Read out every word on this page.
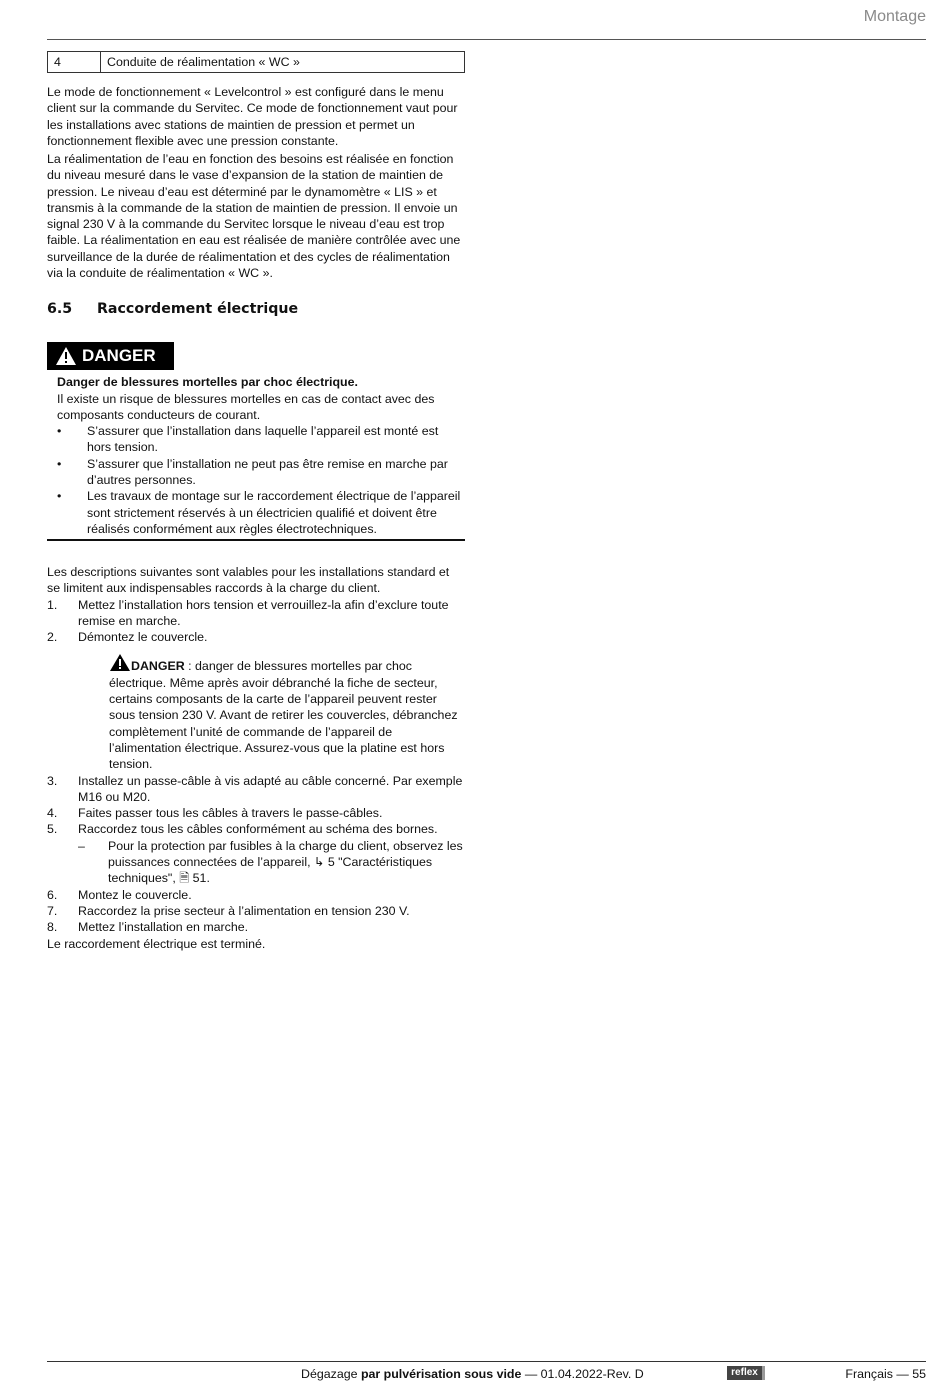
Montage
4	Conduite de réalimentation « WC »
Le mode de fonctionnement « Levelcontrol » est configuré dans le menu client sur la commande du Servitec. Ce mode de fonctionnement vaut pour les installations avec stations de maintien de pression et permet un fonctionnement flexible avec une pression constante.
La réalimentation de l’eau en fonction des besoins est réalisée en fonction du niveau mesuré dans le vase d’expansion de la station de maintien de pression. Le niveau d’eau est déterminé par le dynamomètre « LIS » et transmis à la commande de la station de maintien de pression. Il envoie un signal 230 V à la commande du Servitec lorsque le niveau d’eau est trop faible. La réalimentation en eau est réalisée de manière contrôlée avec une surveillance de la durée de réalimentation et des cycles de réalimentation via la conduite de réalimentation « WC ».
6.5 Raccordement électrique
DANGER
Danger de blessures mortelles par choc électrique.
Il existe un risque de blessures mortelles en cas de contact avec des composants conducteurs de courant.
• S’assurer que l’installation dans laquelle l’appareil est monté est hors tension.
• S’assurer que l’installation ne peut pas être remise en marche par d’autres personnes.
• Les travaux de montage sur le raccordement électrique de l’appareil sont strictement réservés à un électricien qualifié et doivent être réalisés conformément aux règles électrotechniques.
Les descriptions suivantes sont valables pour les installations standard et se limitent aux indispensables raccords à la charge du client.
1. Mettez l’installation hors tension et verrouillez-la afin d’exclure toute remise en marche.
2. Démontez le couvercle.
DANGER : danger de blessures mortelles par choc électrique. Même après avoir débranché la fiche de secteur, certains composants de la carte de l’appareil peuvent rester sous tension 230 V. Avant de retirer les couvercles, débranchez complètement l’unité de commande de l’appareil de l’alimentation électrique. Assurez-vous que la platine est hors tension.
3. Installez un passe-câble à vis adapté au câble concerné. Par exemple M16 ou M20.
4. Faites passer tous les câbles à travers le passe-câbles.
5. Raccordez tous les câbles conformément au schéma des bornes.
– Pour la protection par fusibles à la charge du client, observez les puissances connectées de l’appareil, ↳ 5 "Caractéristiques techniques", 🗎 51.
6. Montez le couvercle.
7. Raccordez la prise secteur à l’alimentation en tension 230 V.
8. Mettez l’installation en marche.
Le raccordement électrique est terminé.
Dégazage par pulvérisation sous vide — 01.04.2022-Rev. D	reflex	Français — 55
